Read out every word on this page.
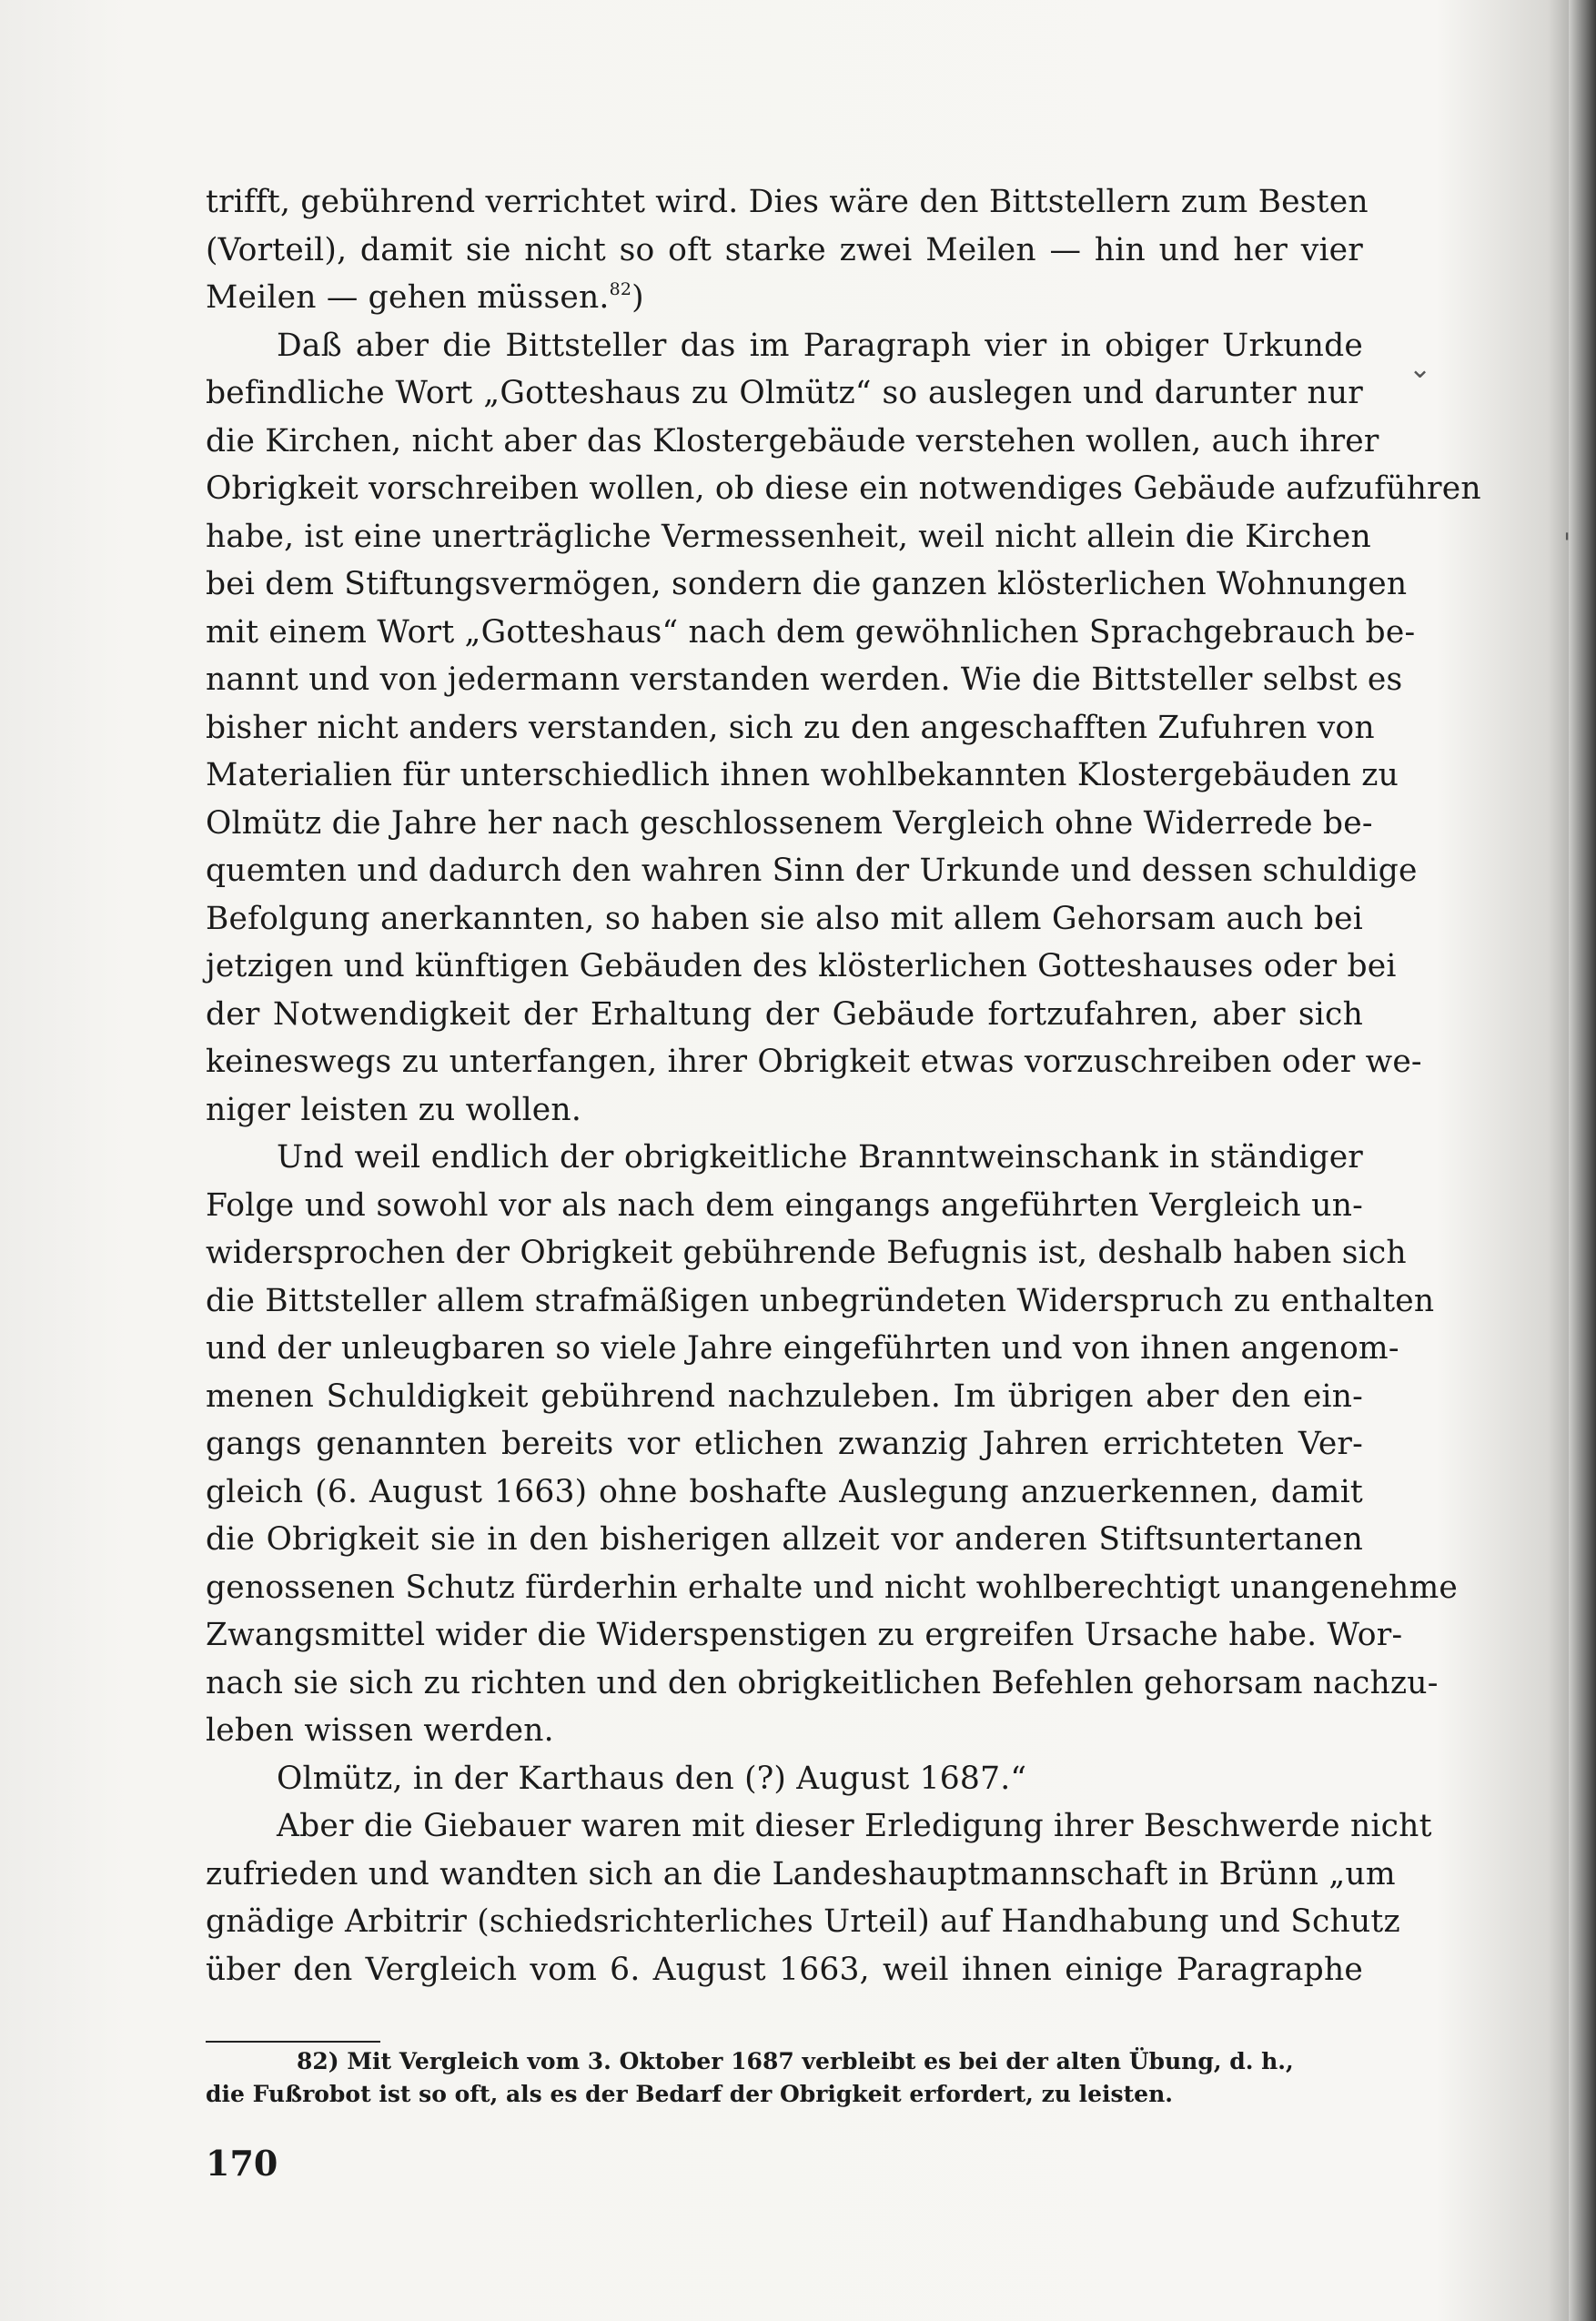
trifft, gebührend verrichtet wird. Dies wäre den Bittstellern zum Besten
(Vorteil), damit sie nicht so oft starke zwei Meilen — hin und her vier
Meilen — gehen müssen.$^{82}$)
Daß aber die Bittsteller das im Paragraph vier in obiger Urkunde
befindliche Wort „Gotteshaus zu Olmütz“ so auslegen und darunter nur
die Kirchen, nicht aber das Klostergebäude verstehen wollen, auch ihrer
Obrigkeit vorschreiben wollen, ob diese ein notwendiges Gebäude aufzuführen
habe, ist eine unerträgliche Vermessenheit, weil nicht allein die Kirchen
bei dem Stiftungsvermögen, sondern die ganzen klösterlichen Wohnungen
mit einem Wort „Gotteshaus“ nach dem gewöhnlichen Sprachgebrauch be-
nannt und von jedermann verstanden werden. Wie die Bittsteller selbst es
bisher nicht anders verstanden, sich zu den angeschafften Zufuhren von
Materialien für unterschiedlich ihnen wohlbekannten Klostergebäuden zu
Olmütz die Jahre her nach geschlossenem Vergleich ohne Widerrede be-
quemten und dadurch den wahren Sinn der Urkunde und dessen schuldige
Befolgung anerkannten, so haben sie also mit allem Gehorsam auch bei
jetzigen und künftigen Gebäuden des klösterlichen Gotteshauses oder bei
der Notwendigkeit der Erhaltung der Gebäude fortzufahren, aber sich
keineswegs zu unterfangen, ihrer Obrigkeit etwas vorzuschreiben oder we-
niger leisten zu wollen.
Und weil endlich der obrigkeitliche Branntweinschank in ständiger
Folge und sowohl vor als nach dem eingangs angeführten Vergleich un-
widersprochen der Obrigkeit gebührende Befugnis ist, deshalb haben sich
die Bittsteller allem strafmäßigen unbegründeten Widerspruch zu enthalten
und der unleugbaren so viele Jahre eingeführten und von ihnen angenom-
menen Schuldigkeit gebührend nachzuleben. Im übrigen aber den ein-
gangs genannten bereits vor etlichen zwanzig Jahren errichteten Ver-
gleich (6. August 1663) ohne boshafte Auslegung anzuerkennen, damit
die Obrigkeit sie in den bisherigen allzeit vor anderen Stiftsuntertanen
genossenen Schutz fürderhin erhalte und nicht wohlberechtigt unangenehme
Zwangsmittel wider die Widerspenstigen zu ergreifen Ursache habe. Wor-
nach sie sich zu richten und den obrigkeitlichen Befehlen gehorsam nachzu-
leben wissen werden.
Olmütz, in der Karthaus den (?) August 1687.“
Aber die Giebauer waren mit dieser Erledigung ihrer Beschwerde nicht
zufrieden und wandten sich an die Landeshauptmannschaft in Brünn „um
gnädige Arbitrir (schiedsrichterliches Urteil) auf Handhabung und Schutz
über den Vergleich vom 6. August 1663, weil ihnen einige Paragraphe
82) Mit Vergleich vom 3. Oktober 1687 verbleibt es bei der alten Übung, d. h.,
die Fußrobot ist so oft, als es der Bedarf der Obrigkeit erfordert, zu leisten.
170
⌄
'
